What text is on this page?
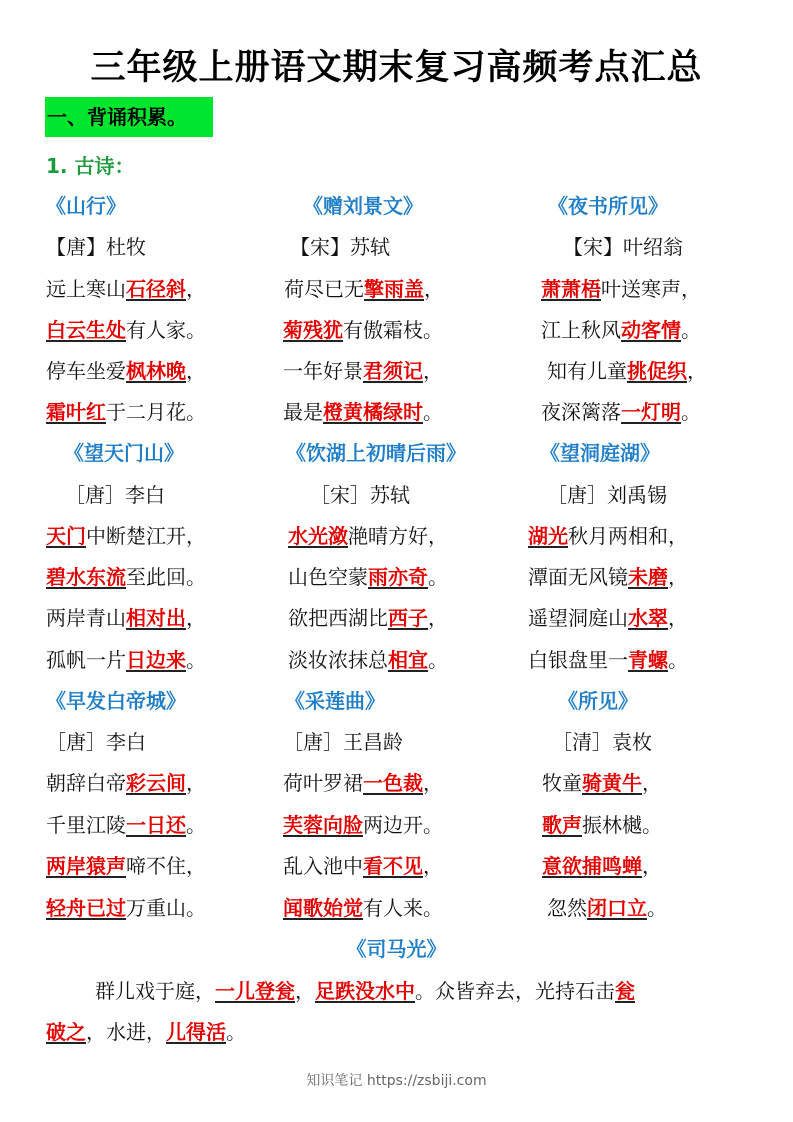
三年级上册语文期末复习高频考点汇总
一、背诵积累。
1. 古诗：
《山行》	《赠刘景文》	《夜书所见》
【唐】杜牧	【宋】苏轼	【宋】叶绍翁
远上寒山石径斜，	荷尽已无擎雨盖，	萧萧梧叶送寒声，
白云生处有人家。	菊残犹有傲霜枝。	江上秋风动客情。
停车坐爱枫林晚，	一年好景君须记，	知有儿童挑促织，
霜叶红于二月花。	最是橙黄橘绿时。	夜深篱落一灯明。
《望天门山》	《饮湖上初晴后雨》	《望洞庭湖》
［唐］李白	［宋］苏轼	［唐］刘禹锡
天门中断楚江开，	水光潋滟晴方好，	湖光秋月两相和，
碧水东流至此回。	山色空蒙雨亦奇。	潭面无风镜未磨，
两岸青山相对出，	欲把西湖比西子，	遥望洞庭山水翠，
孤帆一片日边来。	淡妆浓抹总相宜。	白银盘里一青螺。
《早发白帝城》	《采莲曲》	《所见》
［唐］李白	［唐］王昌龄	［清］袁枚
朝辞白帝彩云间，	荷叶罗裙一色裁，	牧童骑黄牛，
千里江陵一日还。	芙蓉向脸两边开。	歌声振林樾。
两岸猿声啼不住，	乱入池中看不见，	意欲捕鸣蝉，
轻舟已过万重山。	闻歌始觉有人来。	忽然闭口立。
《司马光》
群儿戏于庭，一儿登瓮，足跌没水中。众皆弃去，光持石击瓮
破之，水进，儿得活。
知识笔记 https://zsbiji.com
